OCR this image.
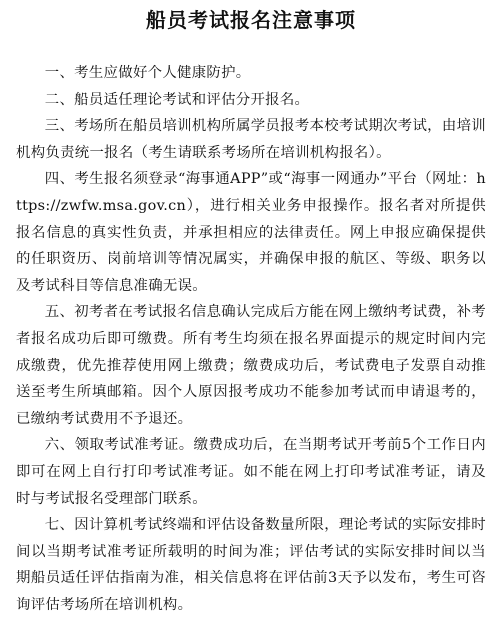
船员考试报名注意事项

一、考生应做好个人健康防护。

二、船员适任理论考试和评估分开报名。

三、考场所在船员培训机构所属学员报考本校考试期次考试，由培训机构负责统一报名（考生请联系考场所在培训机构报名）。

四、考生报名须登录“海事通APP”或“海事一网通办”平台（网址：https://zwfw.msa.gov.cn），进行相关业务申报操作。报名者对所提供报名信息的真实性负责，并承担相应的法律责任。网上申报应确保提供的任职资历、岗前培训等情况属实，并确保申报的航区、等级、职务以及考试科目等信息准确无误。

五、初考者在考试报名信息确认完成后方能在网上缴纳考试费，补考者报名成功后即可缴费。所有考生均须在报名界面提示的规定时间内完成缴费，优先推荐使用网上缴费；缴费成功后，考试费电子发票自动推送至考生所填邮箱。因个人原因报考成功不能参加考试而申请退考的，已缴纳考试费用不予退还。

六、领取考试准考证。缴费成功后，在当期考试开考前5个工作日内即可在网上自行打印考试准考证。如不能在网上打印考试准考证，请及时与考试报名受理部门联系。

七、因计算机考试终端和评估设备数量所限，理论考试的实际安排时间以当期考试准考证所载明的时间为准；评估考试的实际安排时间以当期船员适任评估指南为准，相关信息将在评估前3天予以发布，考生可咨询评估考场所在培训机构。
